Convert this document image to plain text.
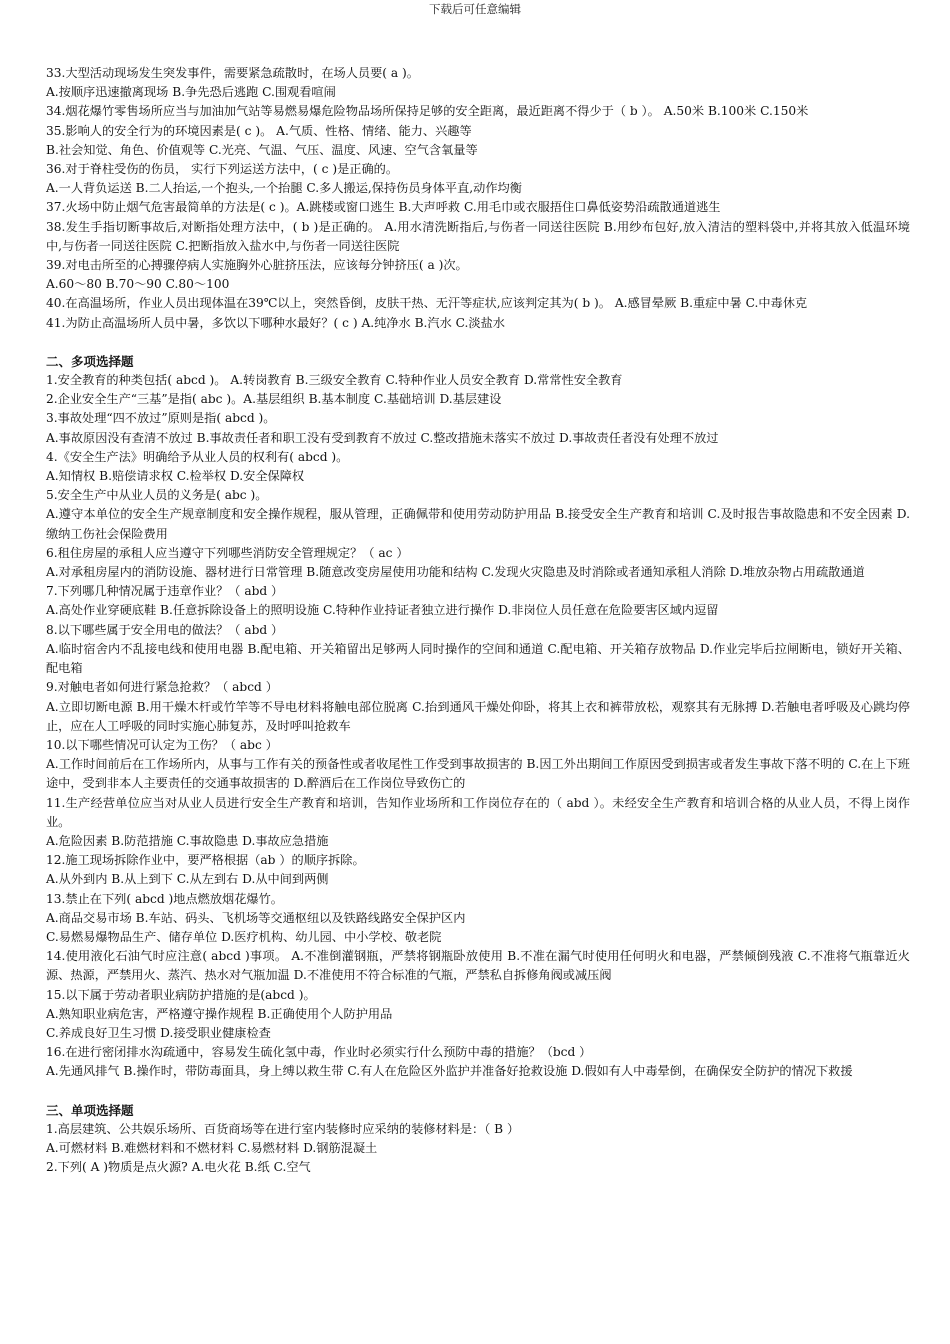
下载后可任意编辑

33.大型活动现场发生突发事件，需要紧急疏散时，在场人员要( a )。

A.按顺序迅速撤离现场 B.争先恐后逃跑 C.围观看喧闹

34.烟花爆竹零售场所应当与加油加气站等易燃易爆危险物品场所保持足够的安全距离，最近距离不得少于（ b ）。 A.50米 B.100米 C.150米

35.影响人的安全行为的环境因素是( c )。 A.气质、性格、情绪、能力、兴趣等

B.社会知觉、角色、价值观等 C.光亮、气温、气压、温度、风速、空气含氧量等

36.对于脊柱受伤的伤员， 实行下列运送方法中，( c )是正确的。

A.一人背负运送 B.二人抬运,一个抱头,一个抬腿 C.多人搬运,保持伤员身体平直,动作均衡

37.火场中防止烟气危害最简单的方法是( c )。A.跳楼或窗口逃生 B.大声呼救 C.用毛巾或衣服捂住口鼻低姿势沿疏散通道逃生

38.发生手指切断事故后,对断指处理方法中，( b )是正确的。 A.用水清洗断指后,与伤者一同送往医院 B.用纱布包好,放入清洁的塑料袋中,并将其放入低温环境中,与伤者一同送往医院 C.把断指放入盐水中,与伤者一同送往医院

39.对电击所至的心搏骤停病人实施胸外心脏挤压法，应该每分钟挤压( a )次。

A.60～80 B.70～90 C.80～100

40.在高温场所，作业人员出现体温在39℃以上，突然昏倒，皮肤干热、无汗等症状,应该判定其为( b )。 A.感冒晕厥 B.重症中暑 C.中毒休克

41.为防止高温场所人员中暑，多饮以下哪种水最好？( c ) A.纯净水 B.汽水 C.淡盐水

二、多项选择题

1.安全教育的种类包括( abcd )。 A.转岗教育 B.三级安全教育 C.特种作业人员安全教育 D.常常性安全教育

2.企业安全生产“三基”是指( abc )。A.基层组织 B.基本制度 C.基础培训 D.基层建设

3.事故处理“四不放过”原则是指( abcd )。

A.事故原因没有查清不放过 B.事故责任者和职工没有受到教育不放过 C.整改措施未落实不放过 D.事故责任者没有处理不放过

4.《安全生产法》明确给予从业人员的权利有( abcd )。

A.知情权 B.赔偿请求权 C.检举权 D.安全保障权

5.安全生产中从业人员的义务是( abc )。

A.遵守本单位的安全生产规章制度和安全操作规程，服从管理，正确佩带和使用劳动防护用品 B.接受安全生产教育和培训 C.及时报告事故隐患和不安全因素 D.缴纳工伤社会保险费用

6.租住房屋的承租人应当遵守下列哪些消防安全管理规定？（ ac ）

A.对承租房屋内的消防设施、器材进行日常管理 B.随意改变房屋使用功能和结构 C.发现火灾隐患及时消除或者通知承租人消除 D.堆放杂物占用疏散通道

7.下列哪几种情况属于违章作业？（ abd ）

A.高处作业穿硬底鞋 B.任意拆除设备上的照明设施 C.特种作业持证者独立进行操作 D.非岗位人员任意在危险要害区域内逗留

8.以下哪些属于安全用电的做法？（ abd ）

A.临时宿舍内不乱接电线和使用电器 B.配电箱、开关箱留出足够两人同时操作的空间和通道 C.配电箱、开关箱存放物品 D.作业完毕后拉闸断电，锁好开关箱、配电箱

9.对触电者如何进行紧急抢救？（ abcd ）

A.立即切断电源 B.用干燥木杆或竹竿等不导电材料将触电部位脱离 C.抬到通风干燥处仰卧，将其上衣和裤带放松，观察其有无脉搏 D.若触电者呼吸及心跳均停止，应在人工呼吸的同时实施心肺复苏，及时呼叫抢救车

10.以下哪些情况可认定为工伤？（ abc ）

A.工作时间前后在工作场所内，从事与工作有关的预备性或者收尾性工作受到事故损害的 B.因工外出期间工作原因受到损害或者发生事故下落不明的 C.在上下班途中，受到非本人主要责任的交通事故损害的 D.醉酒后在工作岗位导致伤亡的

11.生产经营单位应当对从业人员进行安全生产教育和培训，告知作业场所和工作岗位存在的（ abd ）。未经安全生产教育和培训合格的从业人员，不得上岗作业。

A.危险因素 B.防范措施 C.事故隐患 D.事故应急措施

12.施工现场拆除作业中，要严格根据（ab ）的顺序拆除。

A.从外到内 B.从上到下 C.从左到右 D.从中间到两侧

13.禁止在下列( abcd )地点燃放烟花爆竹。

A.商品交易市场 B.车站、码头、飞机场等交通枢纽以及铁路线路安全保护区内

C.易燃易爆物品生产、储存单位 D.医疗机构、幼儿园、中小学校、敬老院

14.使用液化石油气时应注意( abcd )事项。 A.不准倒灌钢瓶，严禁将钢瓶卧放使用 B.不准在漏气时使用任何明火和电器，严禁倾倒残液 C.不准将气瓶靠近火源、热源，严禁用火、蒸汽、热水对气瓶加温 D.不准使用不符合标准的气瓶，严禁私自拆修角阀或减压阀

15.以下属于劳动者职业病防护措施的是(abcd )。

A.熟知职业病危害，严格遵守操作规程 B.正确使用个人防护用品

C.养成良好卫生习惯 D.接受职业健康检查

16.在进行密闭排水沟疏通中，容易发生硫化氢中毒，作业时必须实行什么预防中毒的措施？（bcd ）

A.先通风排气 B.操作时，带防毒面具，身上缚以救生带 C.有人在危险区外监护并准备好抢救设施 D.假如有人中毒晕倒，在确保安全防护的情况下救援

三、单项选择题

1.高层建筑、公共娱乐场所、百货商场等在进行室内装修时应采纳的装修材料是：（ B ）

A.可燃材料 B.难燃材料和不燃材料 C.易燃材料 D.钢筋混凝土

2.下列( A )物质是点火源? A.电火花 B.纸 C.空气
